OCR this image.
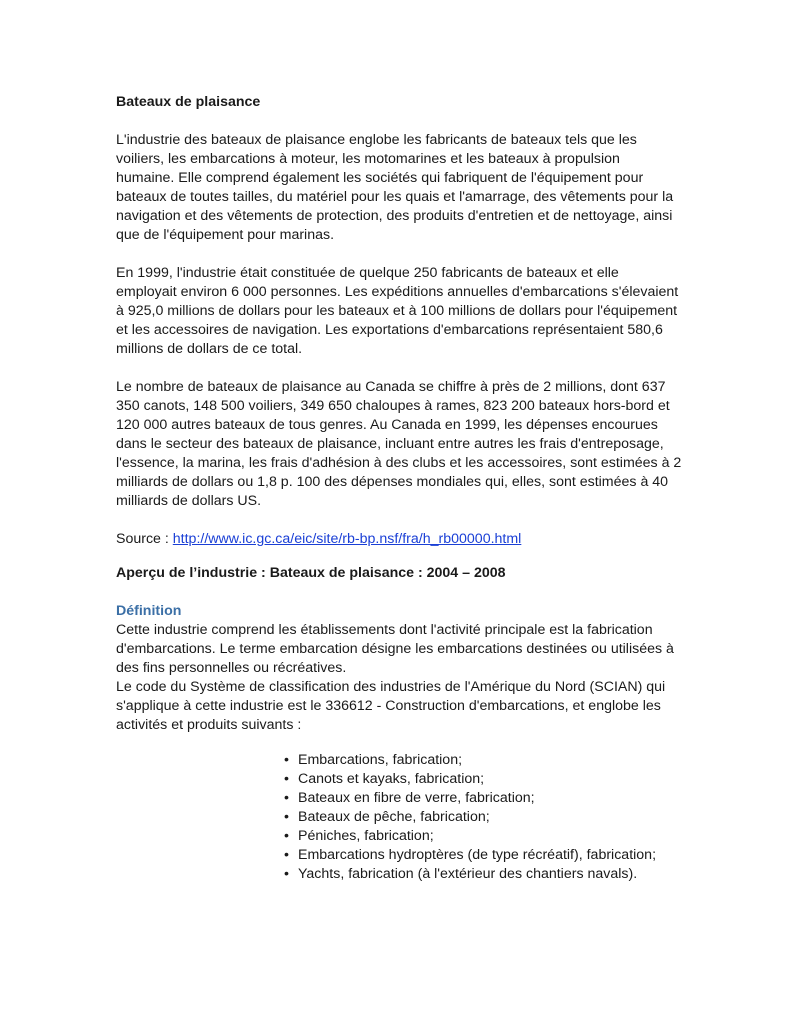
Bateaux de plaisance

L'industrie des bateaux de plaisance englobe les fabricants de bateaux tels que les voiliers, les embarcations à moteur, les motomarines et les bateaux à propulsion humaine. Elle comprend également les sociétés qui fabriquent de l'équipement pour bateaux de toutes tailles, du matériel pour les quais et l'amarrage, des vêtements pour la navigation et des vêtements de protection, des produits d'entretien et de nettoyage, ainsi que de l'équipement pour marinas.

En 1999, l'industrie était constituée de quelque 250 fabricants de bateaux et elle employait environ 6 000 personnes. Les expéditions annuelles d'embarcations s'élevaient à 925,0 millions de dollars pour les bateaux et à 100 millions de dollars pour l'équipement et les accessoires de navigation. Les exportations d'embarcations représentaient 580,6 millions de dollars de ce total.

Le nombre de bateaux de plaisance au Canada se chiffre à près de 2 millions, dont 637 350 canots, 148 500 voiliers, 349 650 chaloupes à rames, 823 200 bateaux hors-bord et 120 000 autres bateaux de tous genres. Au Canada en 1999, les dépenses encourues dans le secteur des bateaux de plaisance, incluant entre autres les frais d'entreposage, l'essence, la marina, les frais d'adhésion à des clubs et les accessoires, sont estimées à 2 milliards de dollars ou 1,8 p. 100 des dépenses mondiales qui, elles, sont estimées à 40 milliards de dollars US.

Source : http://www.ic.gc.ca/eic/site/rb-bp.nsf/fra/h_rb00000.html

Aperçu de l’industrie : Bateaux de plaisance : 2004 – 2008

Définition

Cette industrie comprend les établissements dont l'activité principale est la fabrication d'embarcations. Le terme embarcation désigne les embarcations destinées ou utilisées à des fins personnelles ou récréatives.

Le code du Système de classification des industries de l'Amérique du Nord (SCIAN) qui s'applique à cette industrie est le 336612 - Construction d'embarcations, et englobe les activités et produits suivants :

• Embarcations, fabrication;
• Canots et kayaks, fabrication;
• Bateaux en fibre de verre, fabrication;
• Bateaux de pêche, fabrication;
• Péniches, fabrication;
• Embarcations hydroptères (de type récréatif), fabrication;
• Yachts, fabrication (à l'extérieur des chantiers navals).
